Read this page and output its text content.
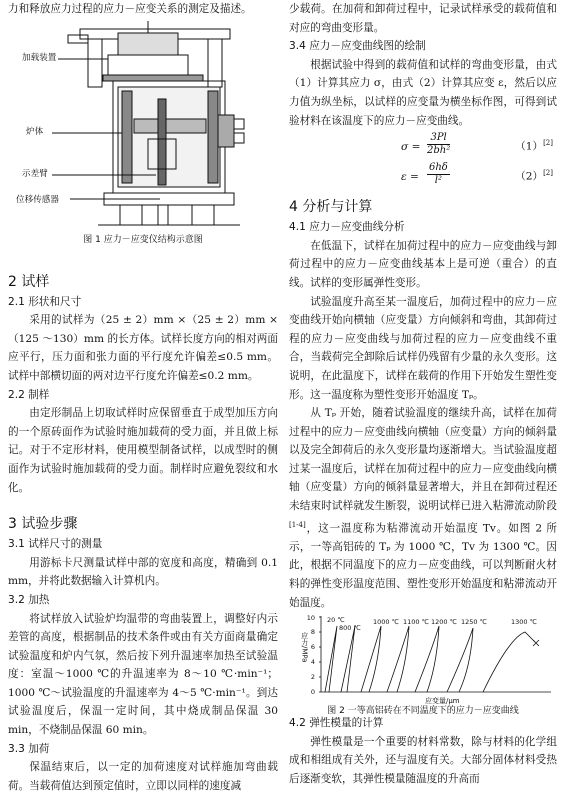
力和释放应力过程的应力－应变关系的测定及描述。

加载装置
炉体
示差臂
位移传感器
图 1 应力－应变仪结构示意图

2 试样

2.1 形状和尺寸

采用的试样为（25 ± 2）mm ×（25 ± 2）mm ×（125 ～130）mm 的长方体。试样长度方向的相对两面应平行，压力面和张力面的平行度允许偏差≤0.5 mm。试样中部横切面的两对边平行度允许偏差≤0.2 mm。

2.2 制样

由定形制品上切取试样时应保留垂直于成型加压方向的一个原砖面作为试验时施加载荷的受力面，并且做上标记。对于不定形材料，使用模型制备试样，以成型时的侧面作为试验时施加载荷的受力面。制样时应避免裂纹和水化。

3 试验步骤

3.1 试样尺寸的测量

用游标卡尺测量试样中部的宽度和高度，精确到 0.1 mm，并将此数据输入计算机内。

3.2 加热

将试样放入试验炉均温带的弯曲装置上，调整好内示差管的高度，根据制品的技术条件或由有关方面商量确定试验温度和炉内气氛，然后按下列升温速率加热至试验温度：室温～1000 ℃的升温速率为 8～10 ℃·min⁻¹；1000 ℃～试验温度的升温速率为 4～5 ℃·min⁻¹。到达试验温度后，保温一定时间，其中烧成制品保温 30 min，不烧制品保温 60 min。

3.3 加荷

保温结束后，以一定的加荷速度对试样施加弯曲载荷。当载荷值达到预定值时，立即以同样的速度减

少载荷。在加荷和卸荷过程中，记录试样承受的载荷值和对应的弯曲变形量。

3.4 应力－应变曲线图的绘制

根据试验中得到的载荷值和试样的弯曲变形量，由式（1）计算其应力 σ，由式（2）计算其应变 ε，然后以应力值为纵坐标，以试样的应变量为横坐标作图，可得到试验材料在该温度下的应力－应变曲线。

$\sigma = \frac{3Pl}{\text{2bh²}}$	（1）[2]
$\varepsilon = \frac{6h\delta}{\text{l²}}$	（2）[2]

4 分析与计算

4.1 应力－应变曲线分析

在低温下，试样在加荷过程中的应力－应变曲线与卸荷过程中的应力－应变曲线基本上是可逆（重合）的直线。试样的变形属弹性变形。

试验温度升高至某一温度后，加荷过程中的应力－应变曲线开始向横轴（应变量）方向倾斜和弯曲，其卸荷过程的应力－应变曲线与加荷过程的应力－应变曲线不重合，当载荷完全卸除后试样仍残留有少量的永久变形。这说明，在此温度下，试样在载荷的作用下开始发生塑性变形。这一温度称为塑性变形开始温度 Tₚ。

从 Tₚ 开始，随着试验温度的继续升高，试样在加荷过程中的应力－应变曲线向横轴（应变量）方向的倾斜量以及完全卸荷后的永久变形量均逐渐增大。当试验温度超过某一温度后，试样在加荷过程中的应力－应变曲线向横轴（应变量）方向的倾斜量显著增大，并且在卸荷过程还未结束时试样就发生断裂，说明试样已进入粘滞流动阶段[1-4]，这一温度称为粘滞流动开始温度 Tv。如图 2 所示，一等高铝砖的 Tₚ 为 1000 ℃，Tv 为 1300 ℃。因此，根据不同温度下的应力－应变曲线，可以判断耐火材料的弹性变形温度范围、塑性变形开始温度和粘滞流动开始温度。

0
2
4
6
8
10 20 ℃
800 ℃
1000 ℃ 1100 ℃ 1200 ℃ 1250 ℃	1300 ℃
应力/MPa
应变量/μm
图 2 一等高铝砖在不同温度下的应力－应变曲线

4.2 弹性模量的计算

弹性模量是一个重要的材料常数，除与材料的化学组成和相组成有关外，还与温度有关。大部分固体材料受热后逐渐变软，其弹性模量随温度的升高而
